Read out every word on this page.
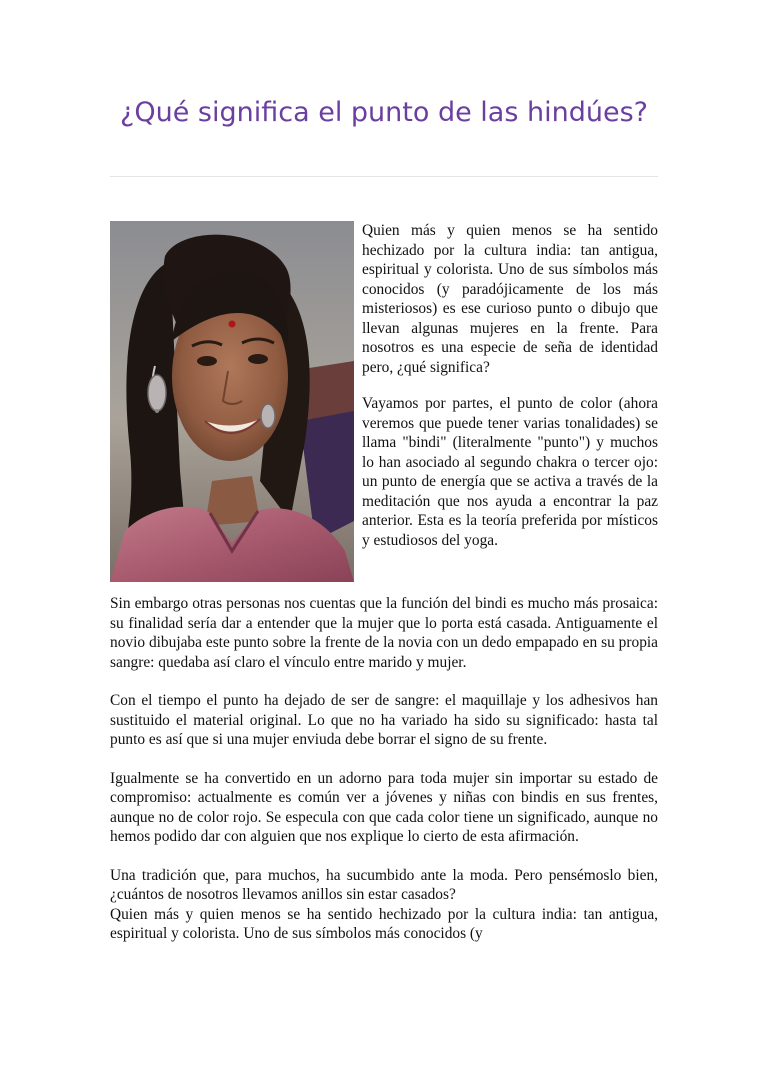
¿Qué significa el punto de las hindúes?

Quien más y quien menos se ha sentido hechizado por la cultura india: tan antigua, espiritual y colorista. Uno de sus símbolos más conocidos (y paradójicamente de los más misteriosos) es ese curioso punto o dibujo que llevan algunas mujeres en la frente. Para nosotros es una especie de seña de identidad pero, ¿qué significa?

Vayamos por partes, el punto de color (ahora veremos que puede tener varias tonalidades) se llama "bindi" (literalmente "punto") y muchos lo han asociado al segundo chakra o tercer ojo: un punto de energía que se activa a través de la meditación que nos ayuda a encontrar la paz anterior. Esta es la teoría preferida por místicos y estudiosos del yoga.

Sin embargo otras personas nos cuentas que la función del bindi es mucho más prosaica: su finalidad sería dar a entender que la mujer que lo porta está casada. Antiguamente el novio dibujaba este punto sobre la frente de la novia con un dedo empapado en su propia sangre: quedaba así claro el vínculo entre marido y mujer.

Con el tiempo el punto ha dejado de ser de sangre: el maquillaje y los adhesivos han sustituido el material original. Lo que no ha variado ha sido su significado: hasta tal punto es así que si una mujer enviuda debe borrar el signo de su frente.

Igualmente se ha convertido en un adorno para toda mujer sin importar su estado de compromiso: actualmente es común ver a jóvenes y niñas con bindis en sus frentes, aunque no de color rojo. Se especula con que cada color tiene un significado, aunque no hemos podido dar con alguien que nos explique lo cierto de esta afirmación.

Una tradición que, para muchos, ha sucumbido ante la moda. Pero pensémoslo bien, ¿cuántos de nosotros llevamos anillos sin estar casados?

Quien más y quien menos se ha sentido hechizado por la cultura india: tan antigua, espiritual y colorista. Uno de sus símbolos más conocidos (y
